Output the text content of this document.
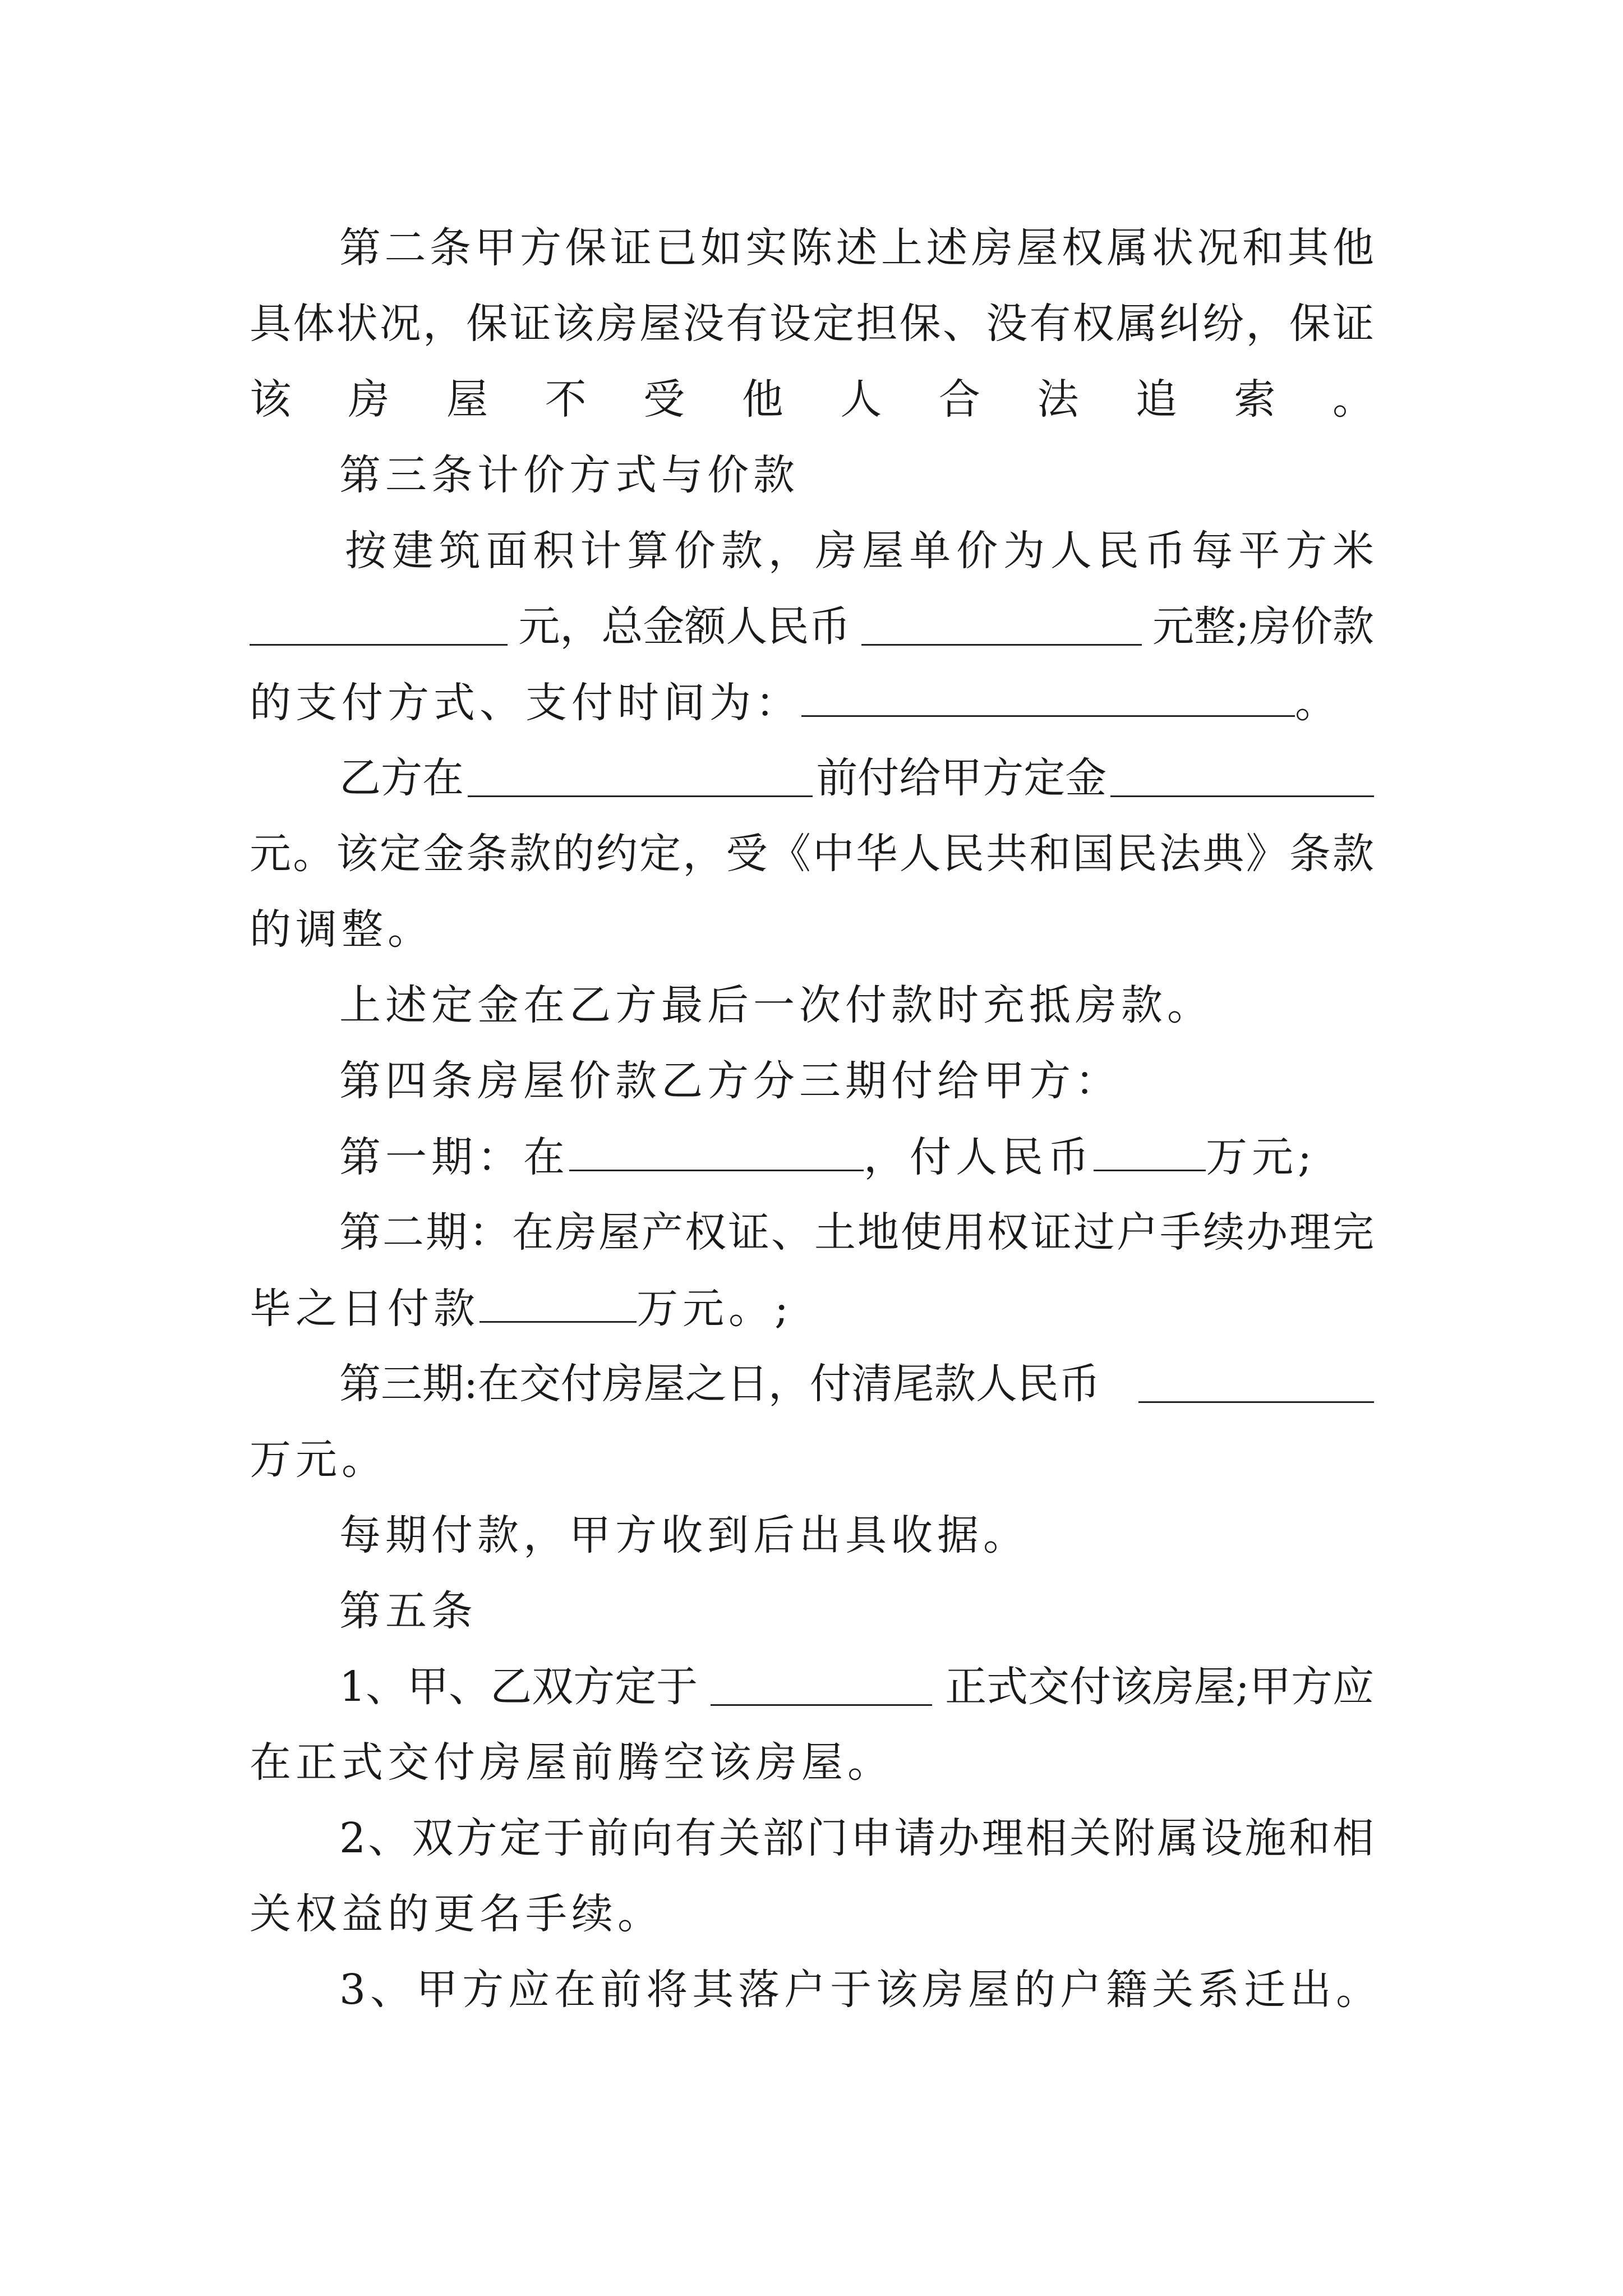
第二条甲方保证已如实陈述上述房屋权属状况和其他
具体状况，保证该房屋没有设定担保、没有权属纠纷，保证
该房屋不受他人合法追索。
第三条计价方式与价款
按建筑面积计算价款，房屋单价为人民币每平方米
元，总金额人民币	元整;房价款
的支付方式、支付时间为：	。
乙方在	前付给甲方定金
元。该定金条款的约定，受《中华人民共和国民法典》条款
的调整。
上述定金在乙方最后一次付款时充抵房款。
第四条房屋价款乙方分三期付给甲方：
第一期：在	，付人民币	万元;
第二期：在房屋产权证、土地使用权证过户手续办理完
毕之日付款	万元。;
第三期:在交付房屋之日，付清尾款人民币
万元。
每期付款，甲方收到后出具收据。
第五条
1、甲、乙双方定于	正式交付该房屋;甲方应
在正式交付房屋前腾空该房屋。
2、双方定于前向有关部门申请办理相关附属设施和相
关权益的更名手续。
3、甲方应在前将其落户于该房屋的户籍关系迁出。
